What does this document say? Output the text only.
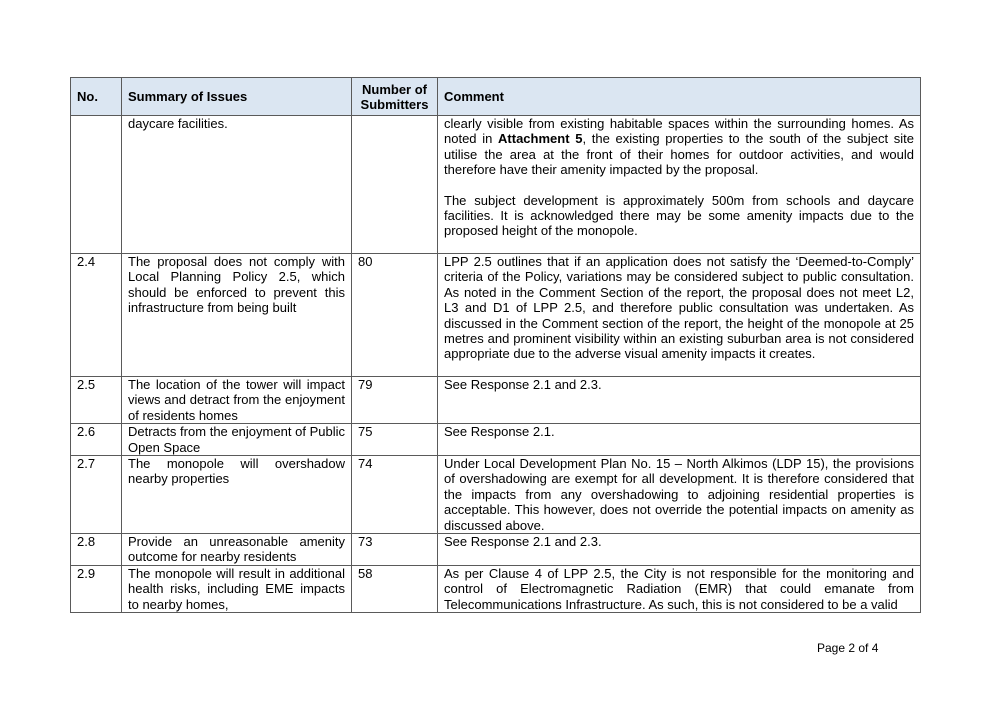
No.	Summary of Issues	Number of Submitters	Comment
	daycare facilities.		clearly visible from existing habitable spaces within the surrounding homes. As noted in Attachment 5, the existing properties to the south of the subject site utilise the area at the front of their homes for outdoor activities, and would therefore have their amenity impacted by the proposal.

The subject development is approximately 500m from schools and daycare facilities. It is acknowledged there may be some amenity impacts due to the proposed height of the monopole.

2.4	The proposal does not comply with Local Planning Policy 2.5, which should be enforced to prevent this infrastructure from being built	80	LPP 2.5 outlines that if an application does not satisfy the ‘Deemed-to-Comply’ criteria of the Policy, variations may be considered subject to public consultation. As noted in the Comment Section of the report, the proposal does not meet L2, L3 and D1 of LPP 2.5, and therefore public consultation was undertaken. As discussed in the Comment section of the report, the height of the monopole at 25 metres and prominent visibility within an existing suburban area is not considered appropriate due to the adverse visual amenity impacts it creates.
2.5	The location of the tower will impact views and detract from the enjoyment of residents homes	79	See Response 2.1 and 2.3.
2.6	Detracts from the enjoyment of Public Open Space	75	See Response 2.1.
2.7	The monopole will overshadow nearby properties	74	Under Local Development Plan No. 15 – North Alkimos (LDP 15), the provisions of overshadowing are exempt for all development. It is therefore considered that the impacts from any overshadowing to adjoining residential properties is acceptable. This however, does not override the potential impacts on amenity as discussed above.
2.8	Provide an unreasonable amenity outcome for nearby residents	73	See Response 2.1 and 2.3.
2.9	The monopole will result in additional health risks, including EME impacts to nearby homes,	58	As per Clause 4 of LPP 2.5, the City is not responsible for the monitoring and control of Electromagnetic Radiation (EMR) that could emanate from Telecommunications Infrastructure. As such, this is not considered to be a valid
Page 2 of 4
